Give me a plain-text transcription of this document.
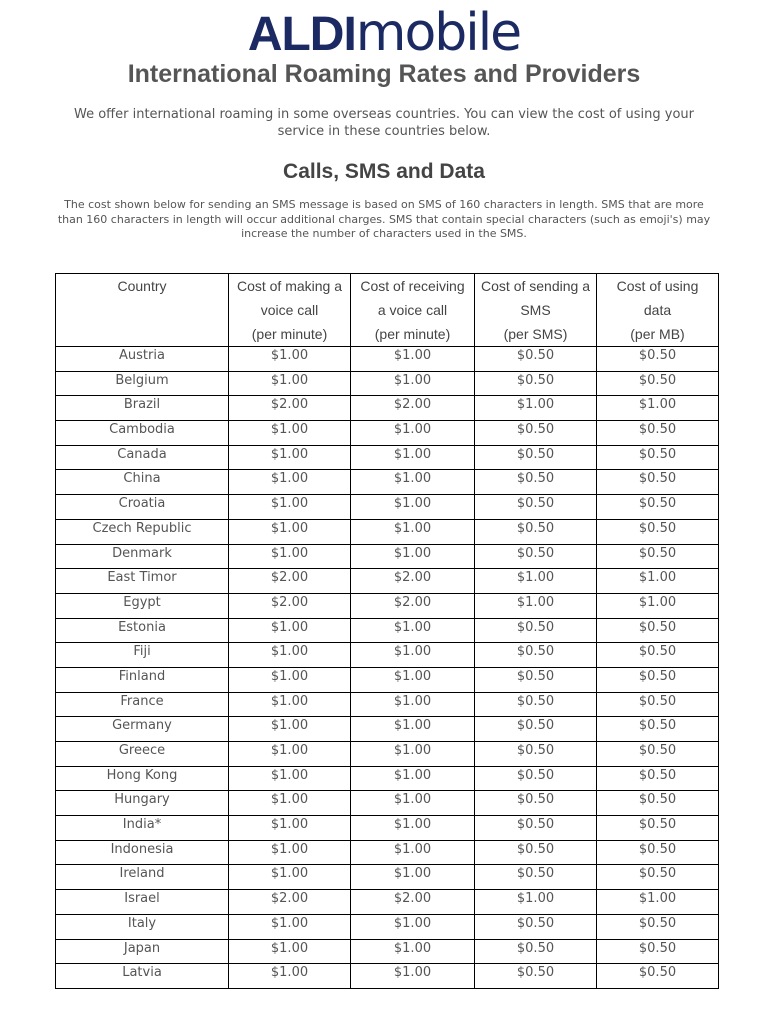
ALDImobile
International Roaming Rates and Providers

We offer international roaming in some overseas countries. You can view the cost of using your service in these countries below.

Calls, SMS and Data

The cost shown below for sending an SMS message is based on SMS of 160 characters in length. SMS that are more than 160 characters in length will occur additional charges. SMS that contain special characters (such as emoji's) may increase the number of characters used in the SMS.

Country	Cost of making a
voice call
(per minute)	Cost of receiving
a voice call
(per minute)	Cost of sending a
SMS
(per SMS)	Cost of using
data
(per MB)

Austria	$1.00	$1.00	$0.50	$0.50
Belgium	$1.00	$1.00	$0.50	$0.50
Brazil	$2.00	$2.00	$1.00	$1.00
Cambodia	$1.00	$1.00	$0.50	$0.50
Canada	$1.00	$1.00	$0.50	$0.50
China	$1.00	$1.00	$0.50	$0.50
Croatia	$1.00	$1.00	$0.50	$0.50
Czech Republic	$1.00	$1.00	$0.50	$0.50
Denmark	$1.00	$1.00	$0.50	$0.50
East Timor	$2.00	$2.00	$1.00	$1.00
Egypt	$2.00	$2.00	$1.00	$1.00
Estonia	$1.00	$1.00	$0.50	$0.50
Fiji	$1.00	$1.00	$0.50	$0.50
Finland	$1.00	$1.00	$0.50	$0.50
France	$1.00	$1.00	$0.50	$0.50
Germany	$1.00	$1.00	$0.50	$0.50
Greece	$1.00	$1.00	$0.50	$0.50
Hong Kong	$1.00	$1.00	$0.50	$0.50
Hungary	$1.00	$1.00	$0.50	$0.50
India*	$1.00	$1.00	$0.50	$0.50
Indonesia	$1.00	$1.00	$0.50	$0.50
Ireland	$1.00	$1.00	$0.50	$0.50
Israel	$2.00	$2.00	$1.00	$1.00
Italy	$1.00	$1.00	$0.50	$0.50
Japan	$1.00	$1.00	$0.50	$0.50
Latvia	$1.00	$1.00	$0.50	$0.50
